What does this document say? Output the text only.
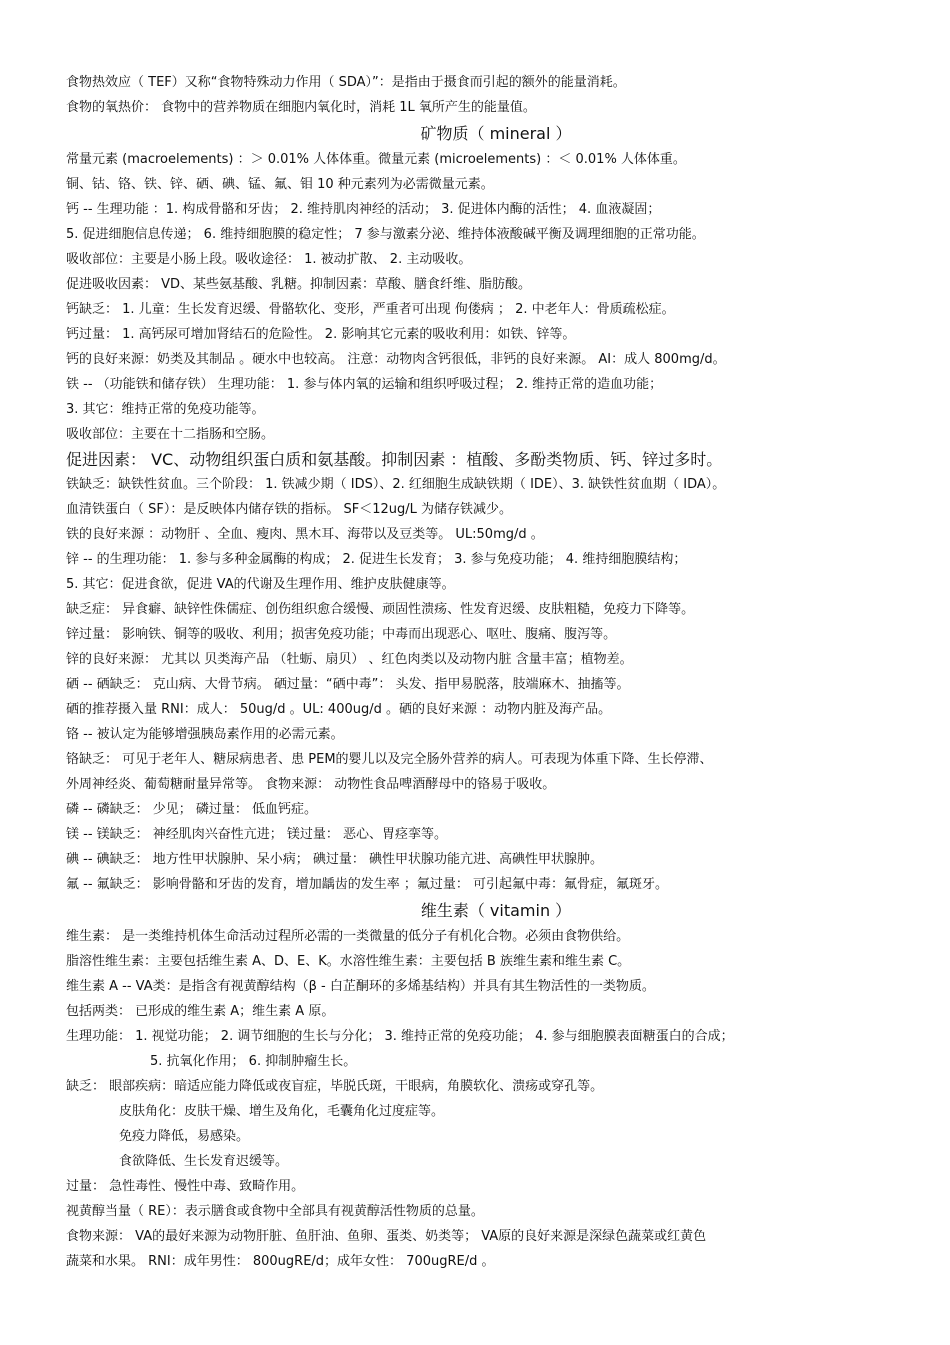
食物热效应（ TEF）又称“食物特殊动力作用（ SDA）”：是指由于摄食而引起的额外的能量消耗。
食物的氧热价： 食物中的营养物质在细胞内氧化时，消耗 1L 氧所产生的能量值。
矿物质（ mineral ）
常量元素 (macroelements) ：＞ 0.01% 人体体重。微量元素 (microelements) ：＜ 0.01% 人体体重。
铜、钴、铬、铁、锌、硒、碘、锰、氟、钼 10 种元素列为必需微量元素。
钙 -- 生理功能 ：1. 构成骨骼和牙齿； 2. 维持肌肉神经的活动； 3. 促进体内酶的活性； 4. 血液凝固；
5. 促进细胞信息传递； 6. 维持细胞膜的稳定性； 7 参与激素分泌、维持体液酸碱平衡及调理细胞的正常功能。
吸收部位：主要是小肠上段。吸收途径： 1. 被动扩散、 2. 主动吸收。
促进吸收因素： VD、某些氨基酸、乳糖。抑制因素：草酸、膳食纤维、脂肪酸。
钙缺乏： 1. 儿童：生长发育迟缓、骨骼软化、变形，严重者可出现 佝偻病 ； 2. 中老年人：骨质疏松症。
钙过量： 1. 高钙尿可增加肾结石的危险性。 2. 影响其它元素的吸收利用：如铁、锌等。
钙的良好来源：奶类及其制品 。硬水中也较高。 注意：动物肉含钙很低，非钙的良好来源。 AI：成人 800mg/d。
铁 -- （功能铁和储存铁） 生理功能： 1. 参与体内氧的运输和组织呼吸过程； 2. 维持正常的造血功能；
3. 其它：维持正常的免疫功能等。
吸收部位：主要在十二指肠和空肠。
促进因素： VC、动物组织蛋白质和氨基酸。抑制因素 ：植酸、多酚类物质、钙、锌过多时。
铁缺乏：缺铁性贫血。三个阶段： 1. 铁减少期（ IDS）、2. 红细胞生成缺铁期（ IDE）、3. 缺铁性贫血期（ IDA）。
血清铁蛋白（ SF）：是反映体内储存铁的指标。 SF＜12ug/L 为储存铁减少。
铁的良好来源 ：动物肝 、全血、瘦肉、黑木耳、海带以及豆类等。 UL:50mg/d 。
锌 -- 的生理功能： 1. 参与多种金属酶的构成； 2. 促进生长发育； 3. 参与免疫功能； 4. 维持细胞膜结构；
5. 其它：促进食欲，促进 VA的代谢及生理作用、维护皮肤健康等。
缺乏症： 异食癖、缺锌性侏儒症、创伤组织愈合缓慢、顽固性溃疡、性发育迟缓、皮肤粗糙，免疫力下降等。
锌过量： 影响铁、铜等的吸收、利用；损害免疫功能；中毒而出现恶心、呕吐、腹痛、腹泻等。
锌的良好来源： 尤其以 贝类海产品 （牡蛎、扇贝） 、红色肉类以及动物内脏 含量丰富；植物差。
硒 -- 硒缺乏： 克山病、大骨节病。 硒过量：“硒中毒”： 头发、指甲易脱落，肢端麻木、抽搐等。
硒的推荐摄入量 RNI：成人： 50ug/d 。UL: 400ug/d 。硒的良好来源 ：动物内脏及海产品。
铬 -- 被认定为能够增强胰岛素作用的必需元素。
铬缺乏： 可见于老年人、糖尿病患者、患 PEM的婴儿以及完全肠外营养的病人。可表现为体重下降、生长停滞、
外周神经炎、葡萄糖耐量异常等。 食物来源： 动物性食品啤酒酵母中的铬易于吸收。
磷 -- 磷缺乏： 少见； 磷过量： 低血钙症。
镁 -- 镁缺乏： 神经肌肉兴奋性亢进； 镁过量： 恶心、胃痉挛等。
碘 -- 碘缺乏： 地方性甲状腺肿、呆小病； 碘过量： 碘性甲状腺功能亢进、高碘性甲状腺肿。
氟 -- 氟缺乏： 影响骨骼和牙齿的发育，增加龋齿的发生率 ；氟过量： 可引起氟中毒：氟骨症，氟斑牙。
维生素（ vitamin ）
维生素： 是一类维持机体生命活动过程所必需的一类微量的低分子有机化合物。必须由食物供给。
脂溶性维生素：主要包括维生素 A、D、E、K。水溶性维生素：主要包括 B 族维生素和维生素 C。
维生素 A -- VA类：是指含有视黄醇结构（β - 白芷酮环的多烯基结构）并具有其生物活性的一类物质。
包括两类： 已形成的维生素 A；维生素 A 原。
生理功能： 1. 视觉功能； 2. 调节细胞的生长与分化； 3. 维持正常的免疫功能； 4. 参与细胞膜表面糖蛋白的合成；
5. 抗氧化作用； 6. 抑制肿瘤生长。
缺乏： 眼部疾病：暗适应能力降低或夜盲症，毕脱氏斑，干眼病，角膜软化、溃疡或穿孔等。
皮肤角化：皮肤干燥、增生及角化，毛囊角化过度症等。
免疫力降低，易感染。
食欲降低、生长发育迟缓等。
过量： 急性毒性、慢性中毒、致畸作用。
视黄醇当量（ RE）：表示膳食或食物中全部具有视黄醇活性物质的总量。
食物来源： VA的最好来源为动物肝脏、鱼肝油、鱼卵、蛋类、奶类等； VA原的良好来源是深绿色蔬菜或红黄色
蔬菜和水果。 RNI：成年男性： 800ugRE/d；成年女性： 700ugRE/d 。
